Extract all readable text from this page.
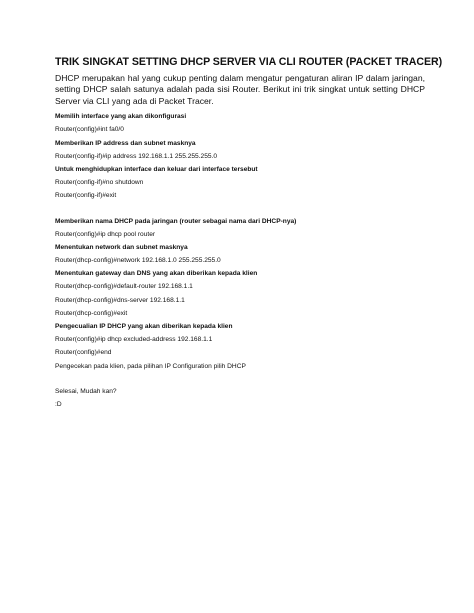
TRIK SINGKAT SETTING DHCP SERVER VIA CLI ROUTER (PACKET TRACER)
DHCP merupakan hal yang cukup penting dalam mengatur pengaturan aliran IP dalam jaringan, setting DHCP salah satunya adalah pada sisi Router. Berikut ini trik singkat untuk setting DHCP Server via CLI yang ada di Packet Tracer.
Memilih interface yang akan dikonfigurasi
Router(config)#int fa0/0
Memberikan IP address dan subnet masknya
Router(config-if)#ip address 192.168.1.1 255.255.255.0
Untuk menghidupkan interface dan keluar dari interface tersebut
Router(config-if)#no shutdown
Router(config-if)#exit
Memberikan nama DHCP pada jaringan (router sebagai nama dari DHCP-nya)
Router(config)#ip dhcp pool router
Menentukan network dan subnet masknya
Router(dhcp-config)#network 192.168.1.0 255.255.255.0
Menentukan gateway dan DNS yang akan diberikan kepada klien
Router(dhcp-config)#default-router 192.168.1.1
Router(dhcp-config)#dns-server 192.168.1.1
Router(dhcp-config)#exit
Pengecualian IP DHCP yang akan diberikan kepada klien
Router(config)#ip dhcp excluded-address 192.168.1.1
Router(config)#end
Pengecekan pada klien, pada pilihan IP Configuration pilih DHCP
Selesai, Mudah kan?
:D
